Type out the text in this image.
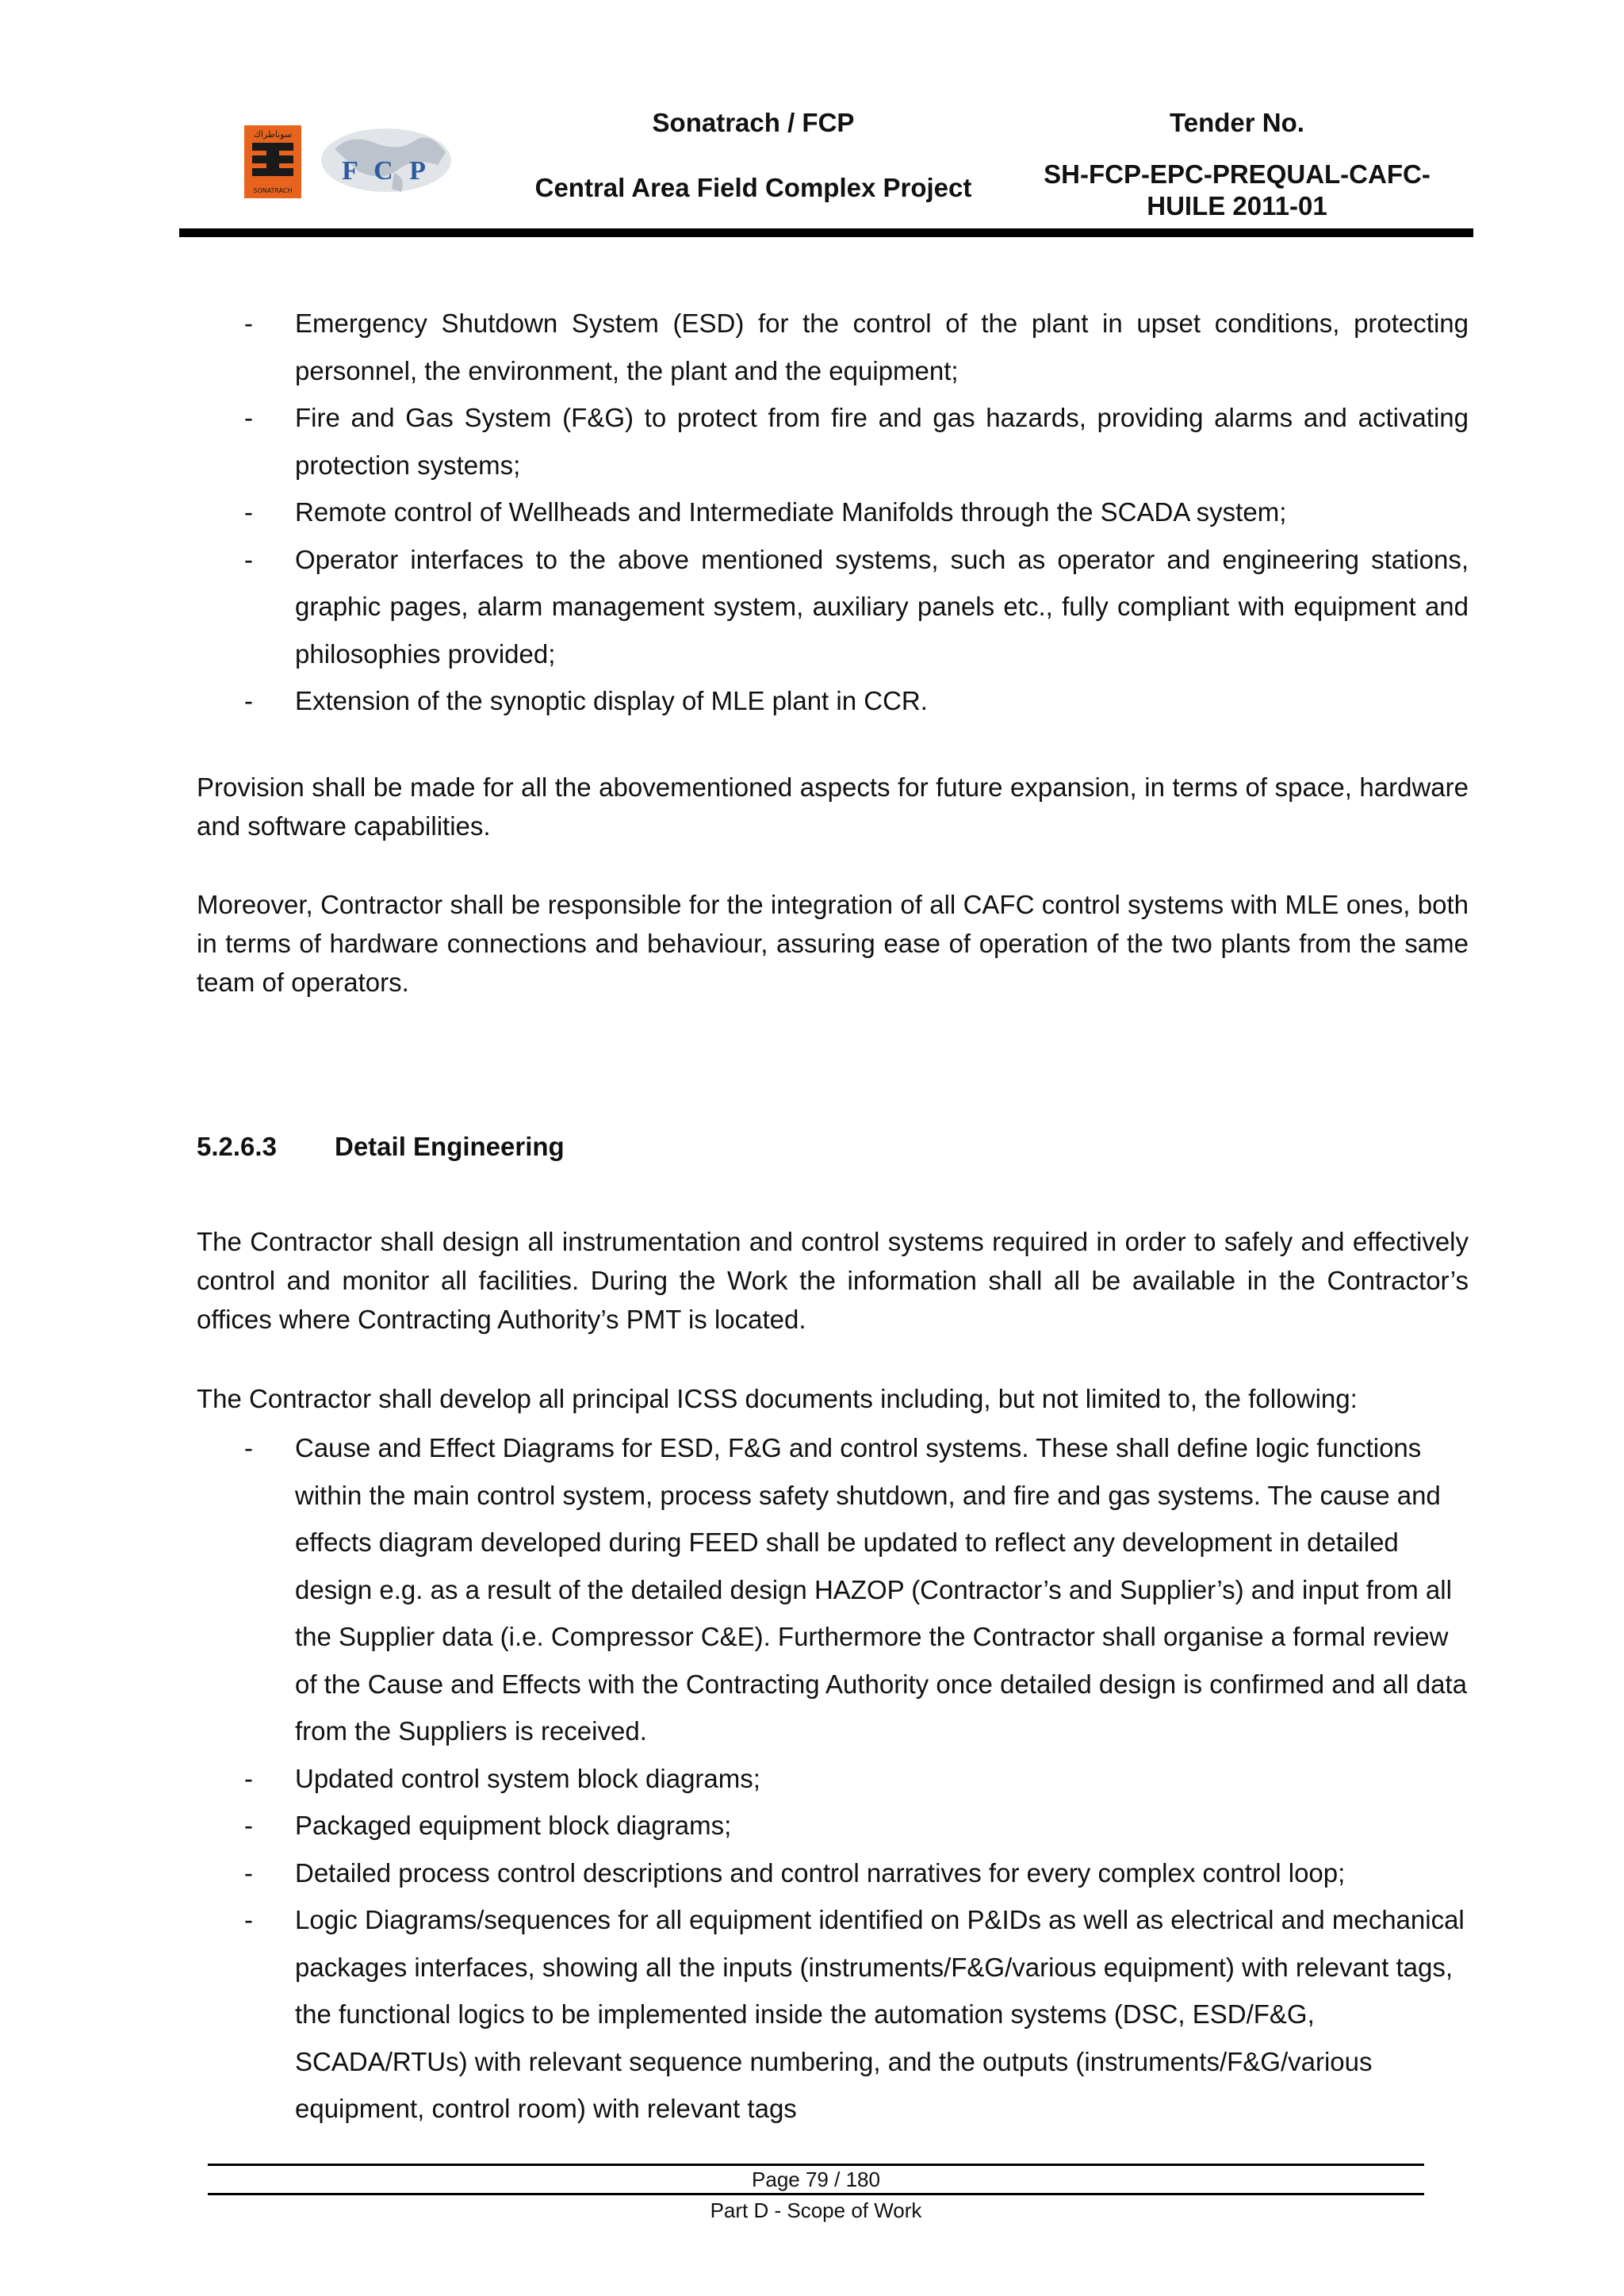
سوناطراك
SONATRACH
F C P
Sonatrach / FCP
Central Area Field Complex Project
Tender No.
SH-FCP-EPC-PREQUAL-CAFC-
HUILE 2011-01
- Emergency Shutdown System (ESD) for the control of the plant in upset conditions, protecting personnel, the environment, the plant and the equipment;
- Fire and Gas System (F&G) to protect from fire and gas hazards, providing alarms and activating protection systems;
- Remote control of Wellheads and Intermediate Manifolds through the SCADA system;
- Operator interfaces to the above mentioned systems, such as operator and engineering stations, graphic pages, alarm management system, auxiliary panels etc., fully compliant with equipment and philosophies provided;
- Extension of the synoptic display of MLE plant in CCR.

Provision shall be made for all the abovementioned aspects for future expansion, in terms of space, hardware and software capabilities.

Moreover, Contractor shall be responsible for the integration of all CAFC control systems with MLE ones, both in terms of hardware connections and behaviour, assuring ease of operation of the two plants from the same team of operators.

5.2.6.3 Detail Engineering

The Contractor shall design all instrumentation and control systems required in order to safely and effectively control and monitor all facilities. During the Work the information shall all be available in the Contractor’s offices where Contracting Authority’s PMT is located.

The Contractor shall develop all principal ICSS documents including, but not limited to, the following:

- Cause and Effect Diagrams for ESD, F&G and control systems. These shall define logic functions within the main control system, process safety shutdown, and fire and gas systems. The cause and effects diagram developed during FEED shall be updated to reflect any development in detailed design e.g. as a result of the detailed design HAZOP (Contractor’s and Supplier’s) and input from all the Supplier data (i.e. Compressor C&E). Furthermore the Contractor shall organise a formal review of the Cause and Effects with the Contracting Authority once detailed design is confirmed and all data from the Suppliers is received.
- Updated control system block diagrams;
- Packaged equipment block diagrams;
- Detailed process control descriptions and control narratives for every complex control loop;
- Logic Diagrams/sequences for all equipment identified on P&IDs as well as electrical and mechanical packages interfaces, showing all the inputs (instruments/F&G/various equipment) with relevant tags, the functional logics to be implemented inside the automation systems (DSC, ESD/F&G, SCADA/RTUs) with relevant sequence numbering, and the outputs (instruments/F&G/various equipment, control room) with relevant tags
Page 79 / 180
Part D - Scope of Work
